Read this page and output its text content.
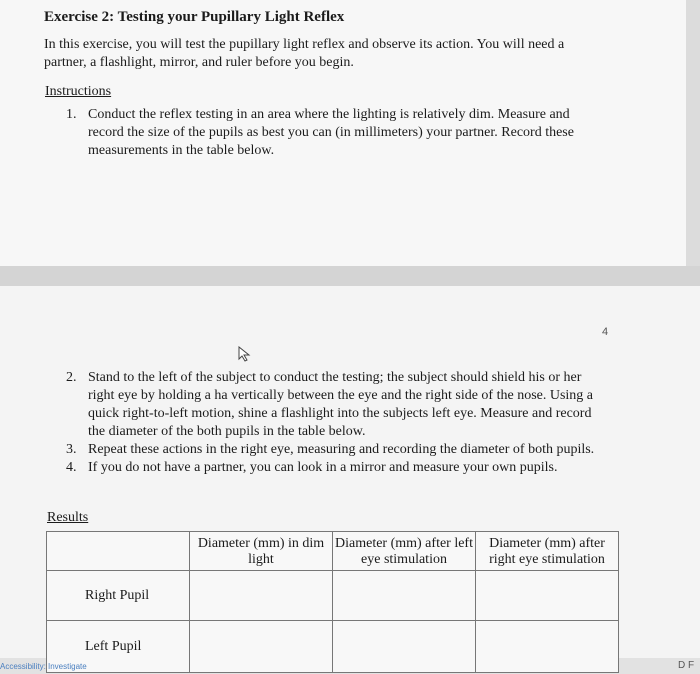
Exercise 2: Testing your Pupillary Light Reflex
In this exercise, you will test the pupillary light reflex and observe its action. You will need a partner, a flashlight, mirror, and ruler before you begin.
Instructions
1. Conduct the reflex testing in an area where the lighting is relatively dim. Measure and record the size of the pupils as best you can (in millimeters) your partner. Record these measurements in the table below.
4
2. Stand to the left of the subject to conduct the testing; the subject should shield his or her right eye by holding a ha vertically between the eye and the right side of the nose. Using a quick right-to-left motion, shine a flashlight into the subjects left eye. Measure and record the diameter of the both pupils in the table below.
3. Repeat these actions in the right eye, measuring and recording the diameter of both pupils.
4. If you do not have a partner, you can look in a mirror and measure your own pupils.
Results
	Diameter (mm) in dim light	Diameter (mm) after left eye stimulation	Diameter (mm) after right eye stimulation
Right Pupil			
Left Pupil			
Accessibility: Investigate	D F
